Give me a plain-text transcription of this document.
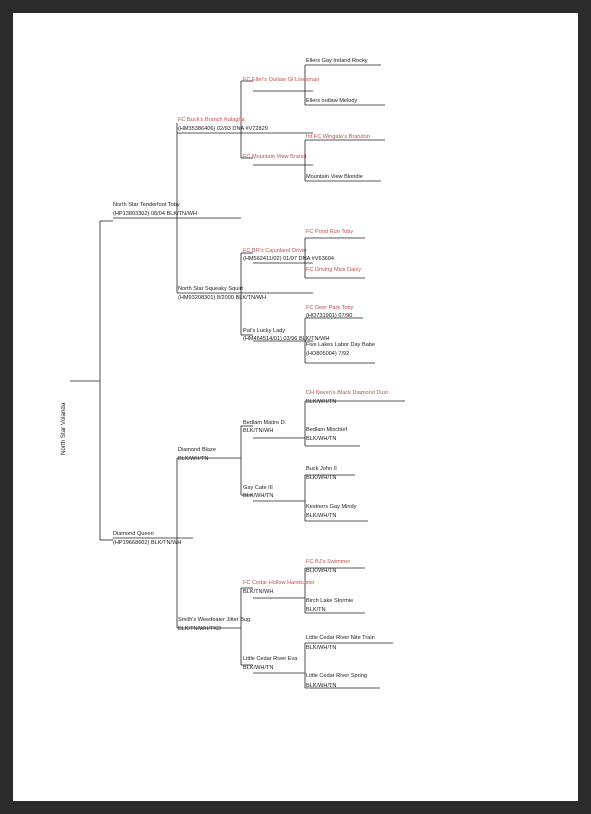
North Star Volanda
North Star Tenderfoot Toby
(HP13803302) 08/04 BLK/TN/WH
Diamond Queen
(HP19668602) BLK/TN/WH
FC Buck's Branch Kalagha
(HM35386406) 02/93 DNA #V72829
North Star Squeaky Squirt
(HM93208301) 8/2000 BLK/TN/WH
FC Eller's Outlaw GI Linesman
FC Mountain View Brandi
FC BR's Cajunland Driver
(HM562411/02) 01/97 DNA #V63604
Pat's Lucky Lady
(HM464514/01) 03/96 BLK/TN/WH
Ellers Gay Ireland Rocky
Ellers outlaw Melody
Int FC Wingate's Brandon
Mountain View Blondie
FC Pond Run Toby
FC Driving Miss Daisy
FC Deer Park Toby
(HO731901) 07/90
Five Lakes Labor Day Babe
(HO805004) 7/92
Diamond Blaze
BLK/WH/TN
Smith's Weedeater Jitter Bug
BLK/TN/WH/TKD
Bedlam Maitre D.
BLK/TN/WH
Gay Cate III
BLK/WH/TN
FC Cedar Hollow Harebuster
BLK/TN/WH
Little Cedar River Eva
BLK/WH/TN
CH Naven's Black Diamond Dust
BLK/WH/TN
Bedlam Mischief
BLK/WH/TN
Buck John II
BLK/WH/TN
Kestners Gay Mindy
BLK/WH/TN
FC BJ's Swimmer
BLK/WH/TN
Birch Lake Stormie
BLK/TN
Little Cedar River Nite Train
BLK/WH/TN
Little Cedar River Spring
BLK/WH/TN
